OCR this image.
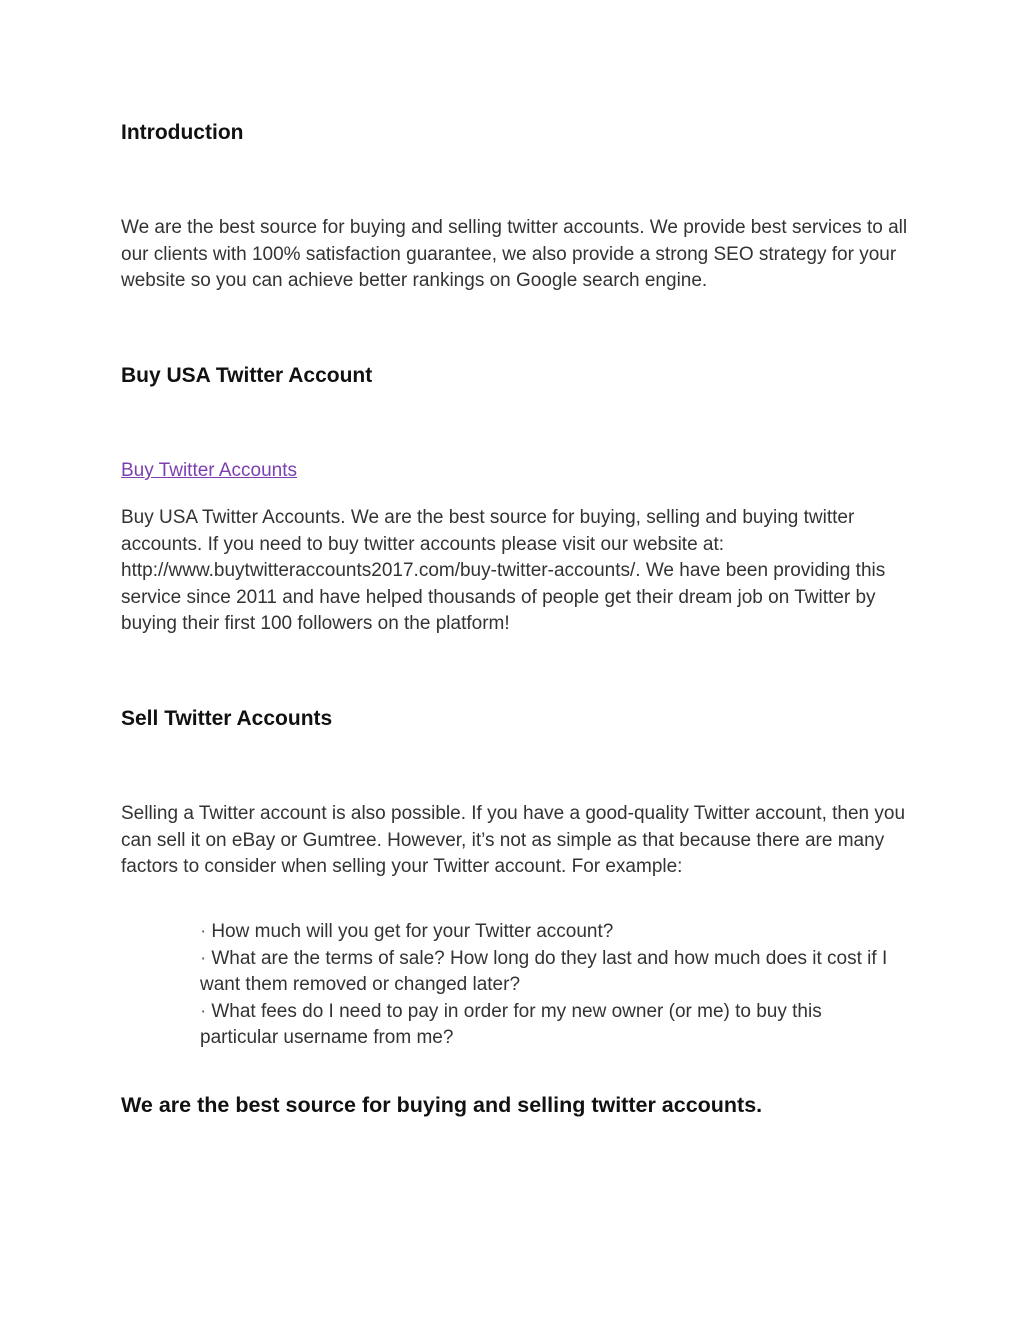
Introduction

We are the best source for buying and selling twitter accounts. We provide best services to all our clients with 100% satisfaction guarantee, we also provide a strong SEO strategy for your website so you can achieve better rankings on Google search engine.

Buy USA Twitter Account
Buy Twitter Accounts

Buy USA Twitter Accounts. We are the best source for buying, selling and buying twitter accounts. If you need to buy twitter accounts please visit our website at: http://www.buytwitteraccounts2017.com/buy-twitter-accounts/. We have been providing this service since 2011 and have helped thousands of people get their dream job on Twitter by buying their first 100 followers on the platform!

Sell Twitter Accounts

Selling a Twitter account is also possible. If you have a good-quality Twitter account, then you can sell it on eBay or Gumtree. However, it’s not as simple as that because there are many factors to consider when selling your Twitter account. For example:

· How much will you get for your Twitter account?
· What are the terms of sale? How long do they last and how much does it cost if I want them removed or changed later?
· What fees do I need to pay in order for my new owner (or me) to buy this particular username from me?

We are the best source for buying and selling twitter accounts.
